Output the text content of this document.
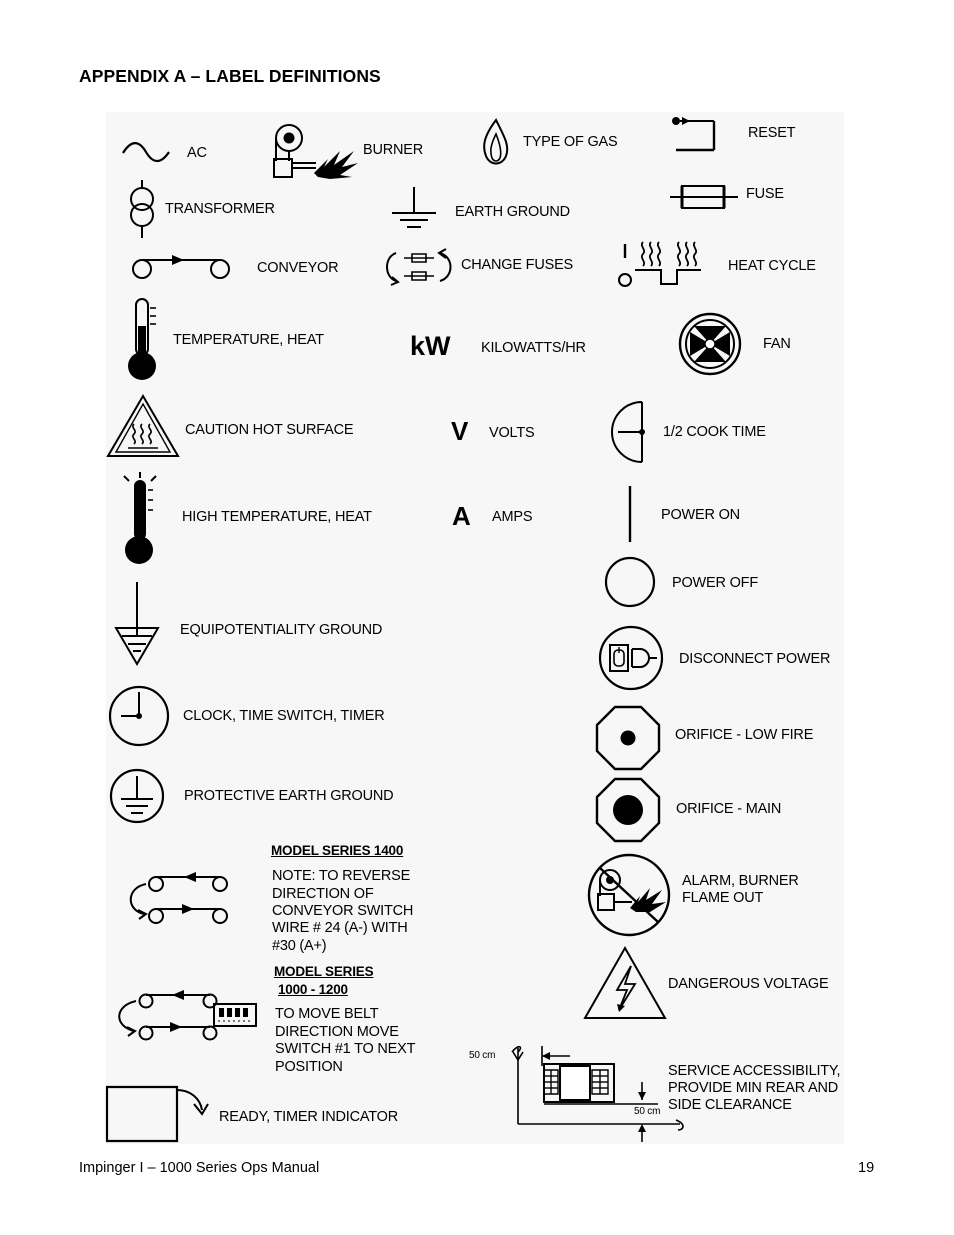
APPENDIX A – LABEL DEFINITIONS
AC	BURNER	TYPE OF GAS
RESET
TRANSFORMER	EARTH GROUND
FUSE
CONVEYOR	CHANGE FUSES	HEAT CYCLE
TEMPERATURE, HEAT	kW KILOWATTS/HR	FAN
CAUTION HOT SURFACE	V VOLTS	1/2 COOK TIME
HIGH TEMPERATURE, HEAT	A AMPS	POWER ON
POWER OFF
EQUIPOTENTIALITY GROUND
DISCONNECT POWER
CLOCK, TIME SWITCH, TIMER
ORIFICE - LOW FIRE
PROTECTIVE EARTH GROUND
ORIFICE - MAIN
MODEL SERIES 1400
NOTE: TO REVERSE
DIRECTION OF
CONVEYOR SWITCH
WIRE # 24 (A-) WITH
#30 (A+)
ALARM, BURNER
FLAME OUT
MODEL SERIES
1000 - 1200
TO MOVE BELT
DIRECTION MOVE
SWITCH #1 TO NEXT
POSITION
DANGEROUS VOLTAGE
READY, TIMER INDICATOR
50 cm
50 cm
SERVICE ACCESSIBILITY,
PROVIDE MIN REAR AND
SIDE CLEARANCE
Impinger I – 1000 Series Ops Manual	19
